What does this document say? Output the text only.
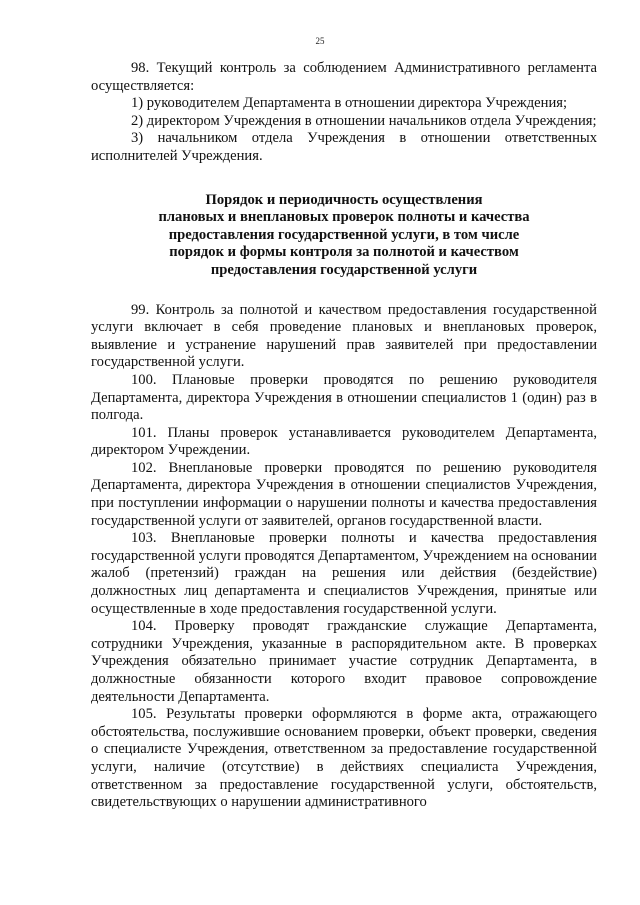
25

98. Текущий контроль за соблюдением Административного регламента осуществляется:

1) руководителем Департамента в отношении директора Учреждения;

2) директором Учреждения в отношении начальников отдела Учреждения;

3) начальником отдела Учреждения в отношении ответственных исполнителей Учреждения.

Порядок и периодичность осуществления
плановых и внеплановых проверок полноты и качества
предоставления государственной услуги, в том числе
порядок и формы контроля за полнотой и качеством
предоставления государственной услуги

99. Контроль за полнотой и качеством предоставления государственной услуги включает в себя проведение плановых и внеплановых проверок, выявление и устранение нарушений прав заявителей при предоставлении государственной услуги.

100. Плановые проверки проводятся по решению руководителя Департамента, директора Учреждения в отношении специалистов 1 (один) раз в полгода.

101. Планы проверок устанавливается руководителем Департамента, директором Учреждении.

102. Внеплановые проверки проводятся по решению руководителя Департамента, директора Учреждения в отношении специалистов Учреждения, при поступлении информации о нарушении полноты и качества предоставления государственной услуги от заявителей, органов государственной власти.

103. Внеплановые проверки полноты и качества предоставления государственной услуги проводятся Департаментом, Учреждением на основании жалоб (претензий) граждан на решения или действия (бездействие) должностных лиц департамента и специалистов Учреждения, принятые или осуществленные в ходе предоставления государственной услуги.

104. Проверку проводят гражданские служащие Департамента, сотрудники Учреждения, указанные в распорядительном акте. В проверках Учреждения обязательно принимает участие сотрудник Департамента, в должностные обязанности которого входит правовое сопровождение деятельности Департамента.

105. Результаты проверки оформляются в форме акта, отражающего обстоятельства, послужившие основанием проверки, объект проверки, сведения о специалисте Учреждения, ответственном за предоставление государственной услуги, наличие (отсутствие) в действиях специалиста Учреждения, ответственном за предоставление государственной услуги, обстоятельств, свидетельствующих о нарушении административного
